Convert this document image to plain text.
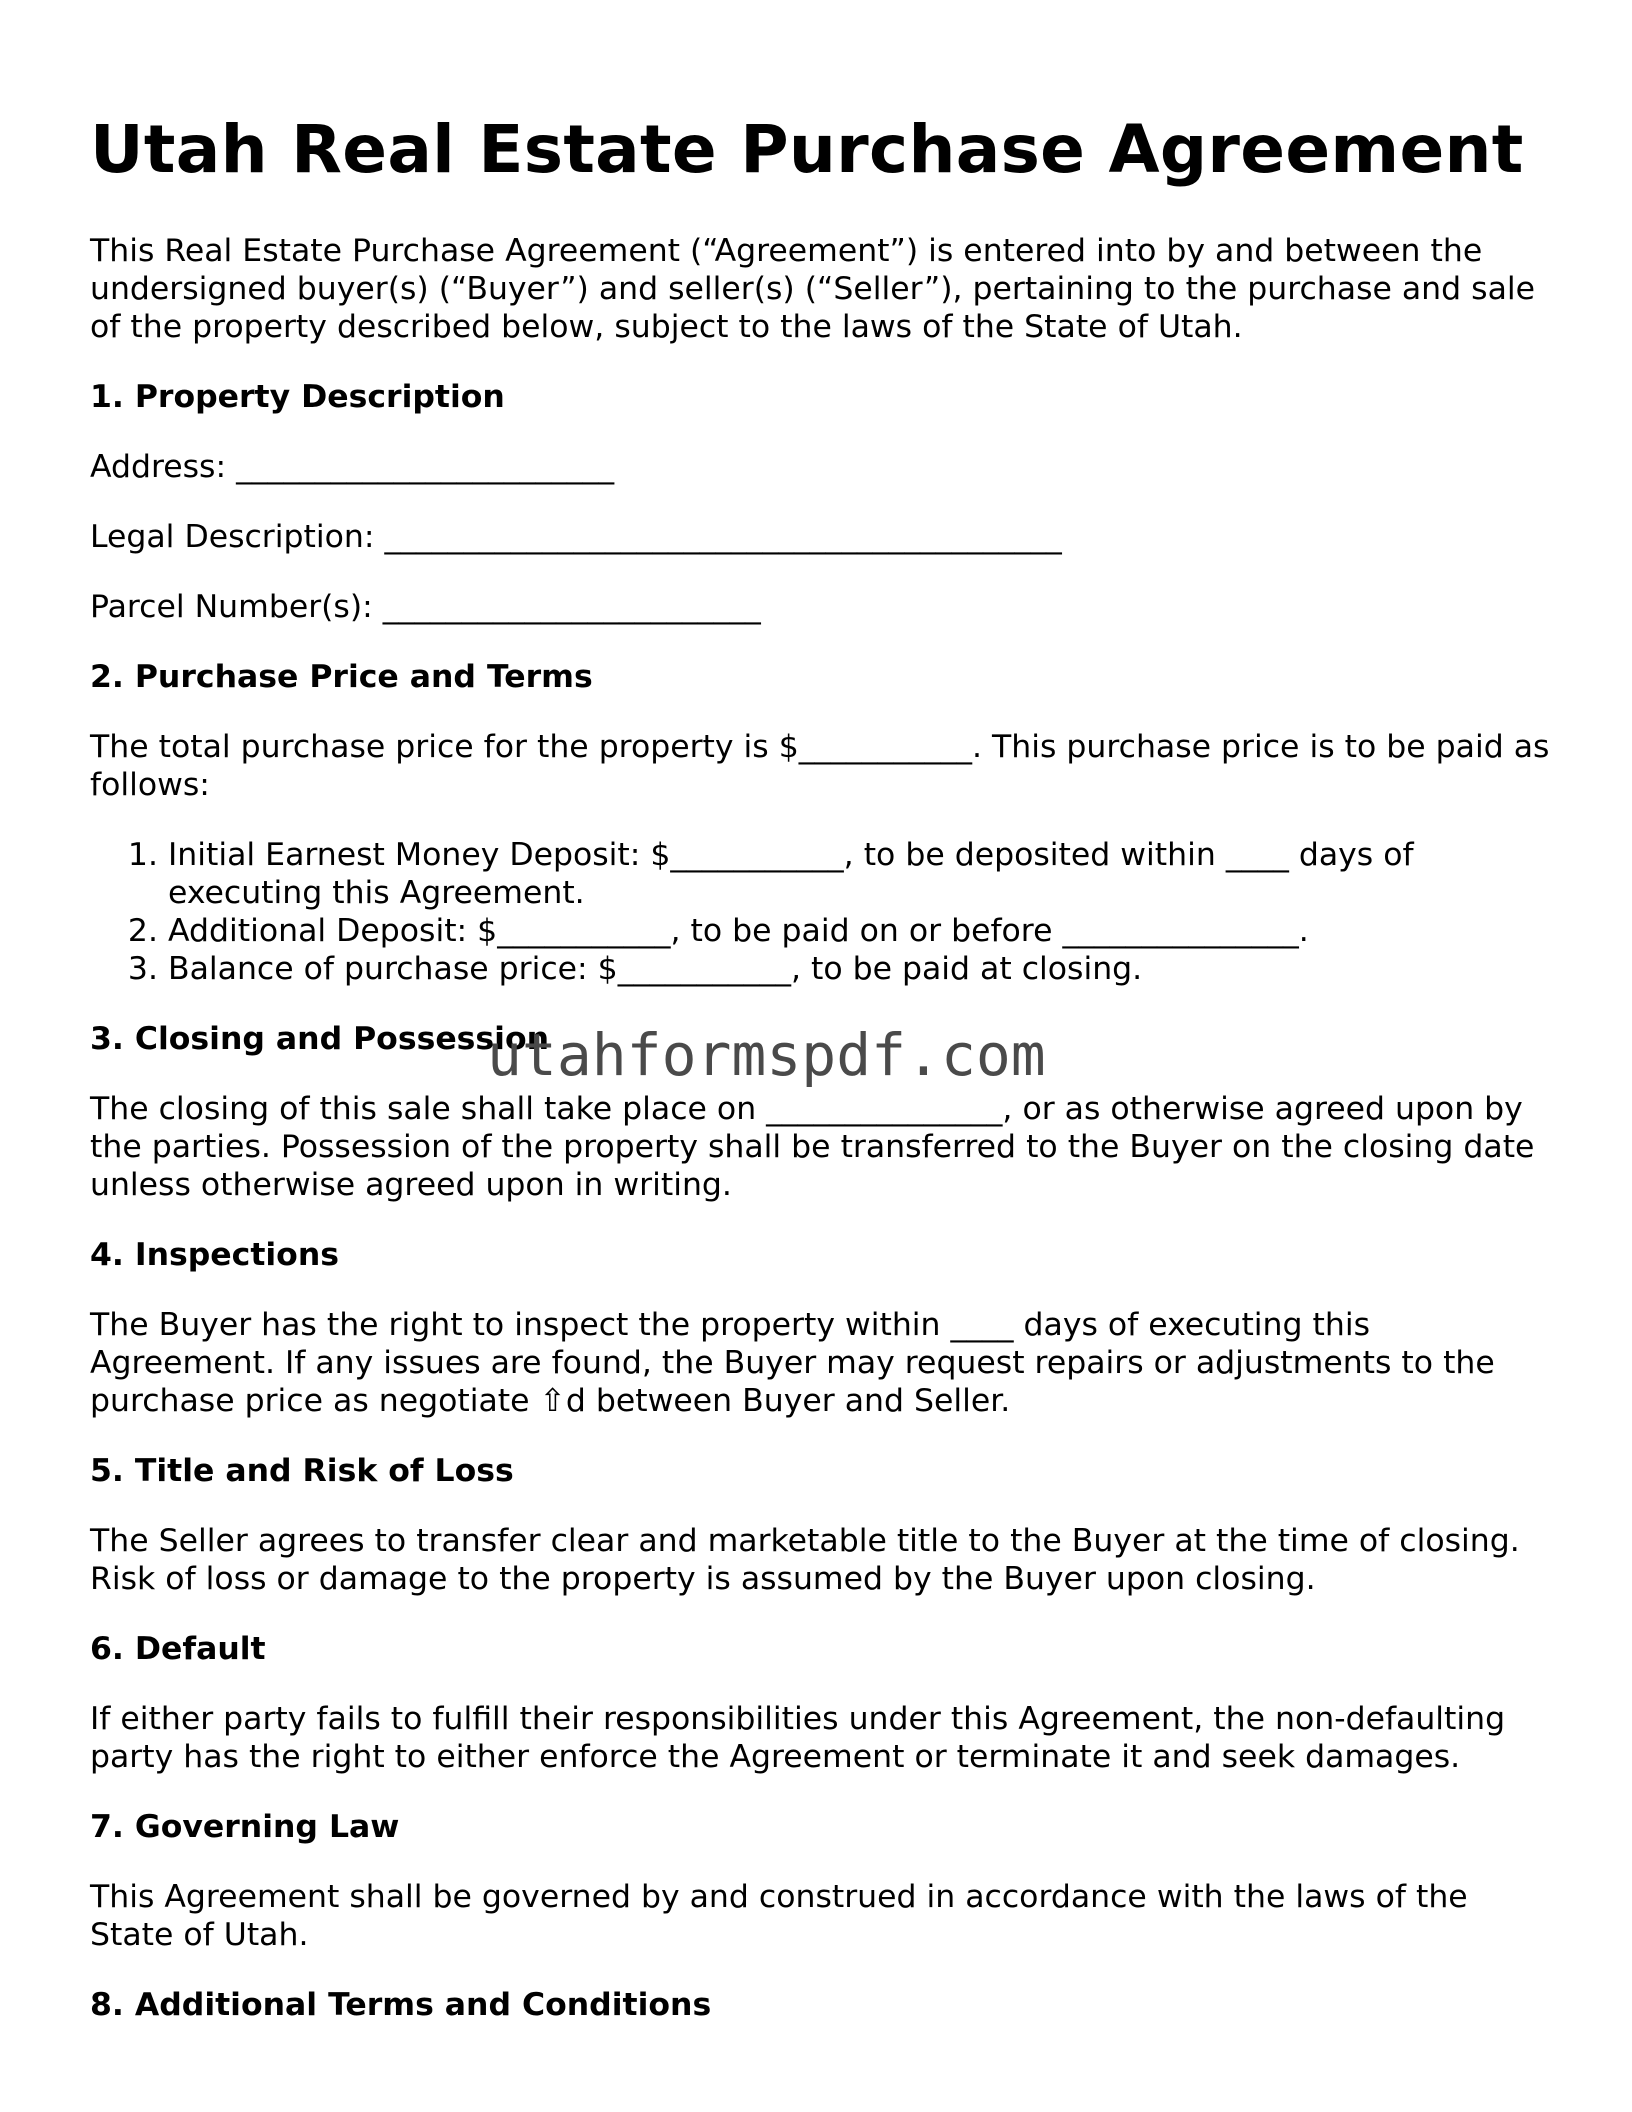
Utah Real Estate Purchase Agreement

This Real Estate Purchase Agreement (“Agreement”) is entered into by and between the undersigned buyer(s) (“Buyer”) and seller(s) (“Seller”), pertaining to the purchase and sale of the property described below, subject to the laws of the State of Utah.

1. Property Description
Address: ________________________
Legal Description: ___________________________________________
Parcel Number(s): ________________________
2. Purchase Price and Terms

The total purchase price for the property is $___________. This purchase price is to be paid as follows:

1. Initial Earnest Money Deposit: $___________, to be deposited within ____ days of executing this Agreement.
2. Additional Deposit: $___________, to be paid on or before _______________.
3. Balance of purchase price: $___________, to be paid at closing.
3. Closing and Possession

The closing of this sale shall take place on _______________, or as otherwise agreed upon by the parties. Possession of the property shall be transferred to the Buyer on the closing date unless otherwise agreed upon in writing.

4. Inspections

The Buyer has the right to inspect the property within ____ days of executing this Agreement. If any issues are found, the Buyer may request repairs or adjustments to the purchase price as negotiate ⇧d between Buyer and Seller.

5. Title and Risk of Loss

The Seller agrees to transfer clear and marketable title to the Buyer at the time of closing. Risk of loss or damage to the property is assumed by the Buyer upon closing.

6. Default

If either party fails to fulfill their responsibilities under this Agreement, the non-defaulting party has the right to either enforce the Agreement or terminate it and seek damages.

7. Governing Law

This Agreement shall be governed by and construed in accordance with the laws of the State of Utah.

8. Additional Terms and Conditions
utahformspdf.com
